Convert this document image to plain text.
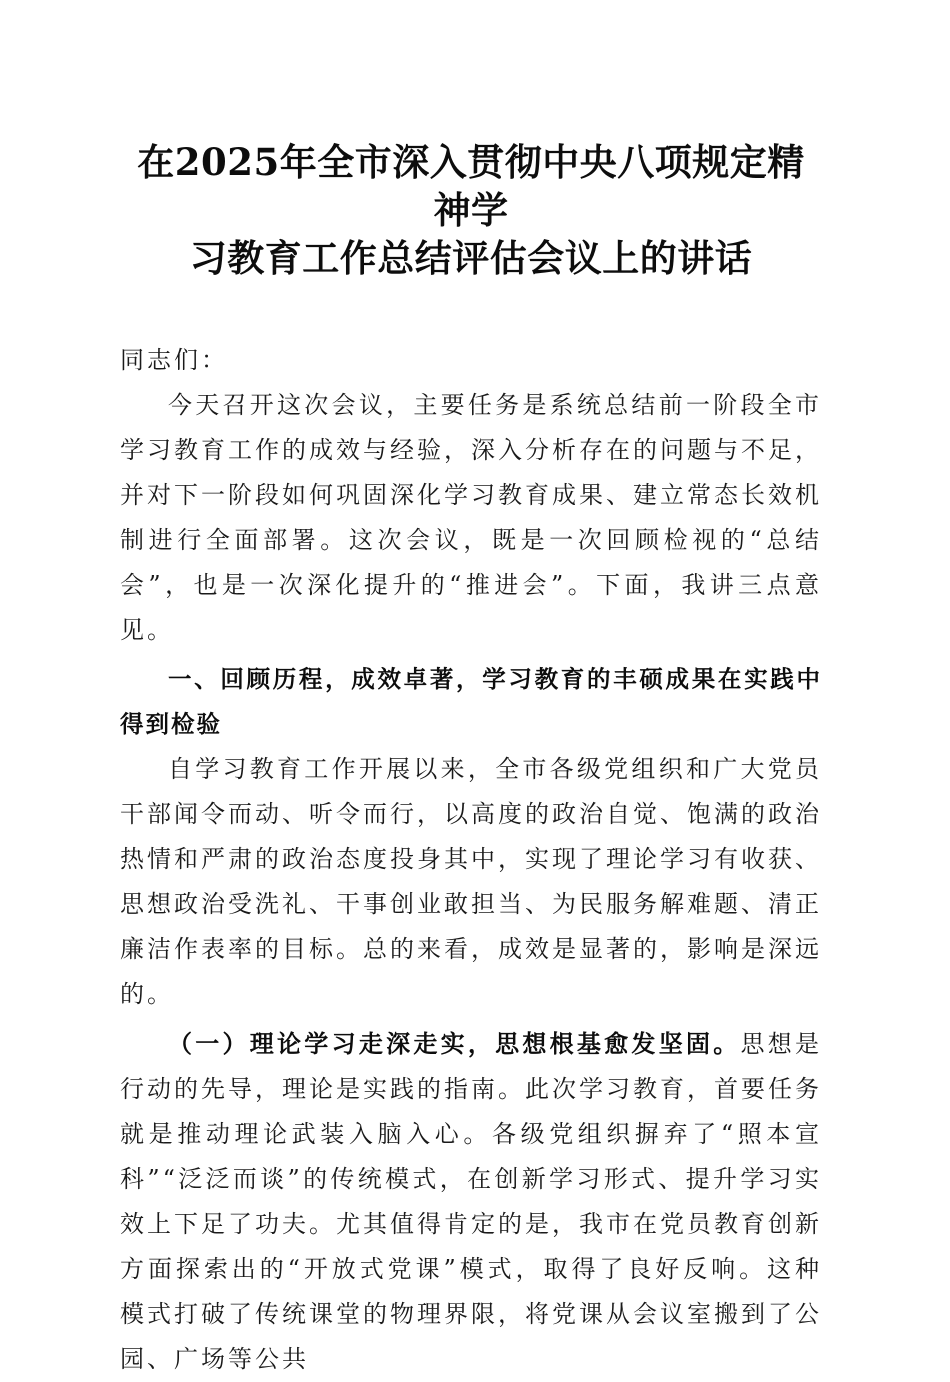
在2025年全市深入贯彻中央八项规定精神学
习教育工作总结评估会议上的讲话
同志们：

今天召开这次会议，主要任务是系统总结前一阶段全市学习教育工作的成效与经验，深入分析存在的问题与不足，并对下一阶段如何巩固深化学习教育成果、建立常态长效机制进行全面部署。这次会议，既是一次回顾检视的“总结会”，也是一次深化提升的“推进会”。下面，我讲三点意见。

一、回顾历程，成效卓著，学习教育的丰硕成果在实践中得到检验

自学习教育工作开展以来，全市各级党组织和广大党员干部闻令而动、听令而行，以高度的政治自觉、饱满的政治热情和严肃的政治态度投身其中，实现了理论学习有收获、思想政治受洗礼、干事创业敢担当、为民服务解难题、清正廉洁作表率的目标。总的来看，成效是显著的，影响是深远的。

（一）理论学习走深走实，思想根基愈发坚固。思想是行动的先导，理论是实践的指南。此次学习教育，首要任务就是推动理论武装入脑入心。各级党组织摒弃了“照本宣科”“泛泛而谈”的传统模式，在创新学习形式、提升学习实效上下足了功夫。尤其值得肯定的是，我市在党员教育创新方面探索出的“开放式党课”模式，取得了良好反响。这种模式打破了传统课堂的物理界限，将党课从会议室搬到了公园、广场等公共
